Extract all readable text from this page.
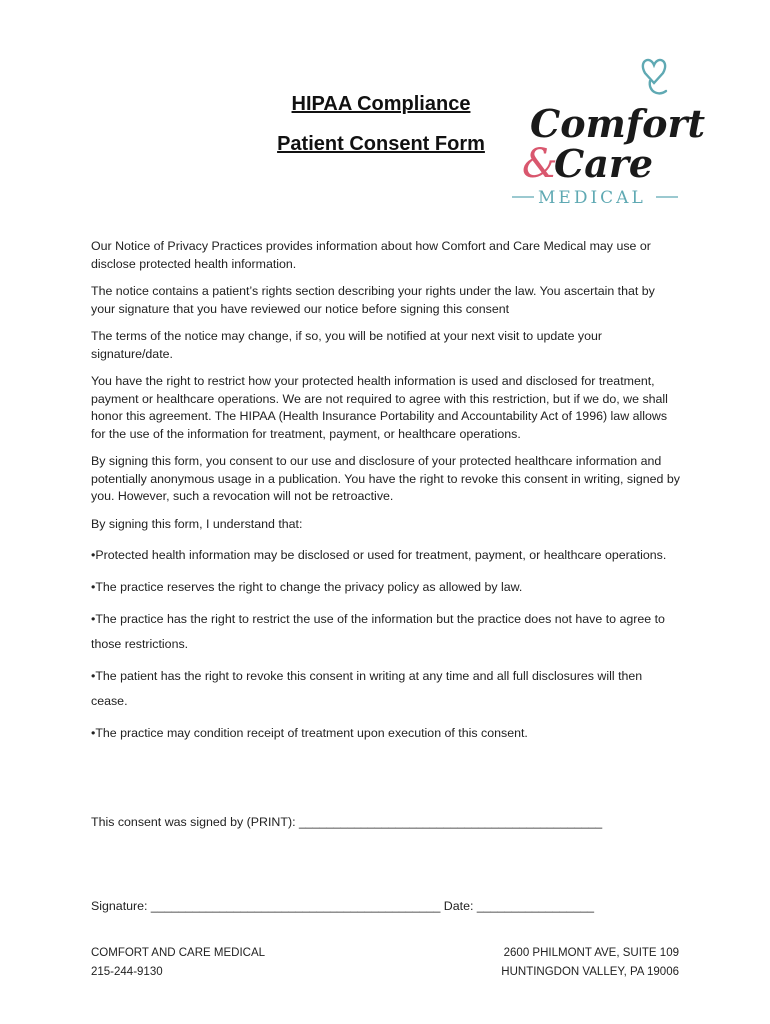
HIPAA Compliance
Patient Consent Form	Comfort
&
Care
MEDICAL

Our Notice of Privacy Practices provides information about how Comfort and Care Medical may use or disclose protected health information.

The notice contains a patient’s rights section describing your rights under the law. You ascertain that by your signature that you have reviewed our notice before signing this consent

The terms of the notice may change, if so, you will be notified at your next visit to update your signature/date.

You have the right to restrict how your protected health information is used and disclosed for treatment, payment or healthcare operations. We are not required to agree with this restriction, but if we do, we shall honor this agreement. The HIPAA (Health Insurance Portability and Accountability Act of 1996) law allows for the use of the information for treatment, payment, or healthcare operations.

By signing this form, you consent to our use and disclosure of your protected healthcare information and potentially anonymous usage in a publication. You have the right to revoke this consent in writing, signed by you. However, such a revocation will not be retroactive.

By signing this form, I understand that:
•Protected health information may be disclosed or used for treatment, payment, or healthcare operations.
•The practice reserves the right to change the privacy policy as allowed by law.
•The practice has the right to restrict the use of the information but the practice does not have to agree to those restrictions.
•The patient has the right to revoke this consent in writing at any time and all full disclosures will then cease.
•The practice may condition receipt of treatment upon execution of this consent.
This consent was signed by (PRINT): ____________________________________________
Signature: __________________________________________ Date: _________________
COMFORT AND CARE MEDICAL
215-244-9130
2600 PHILMONT AVE, SUITE 109
HUNTINGDON VALLEY, PA 19006
